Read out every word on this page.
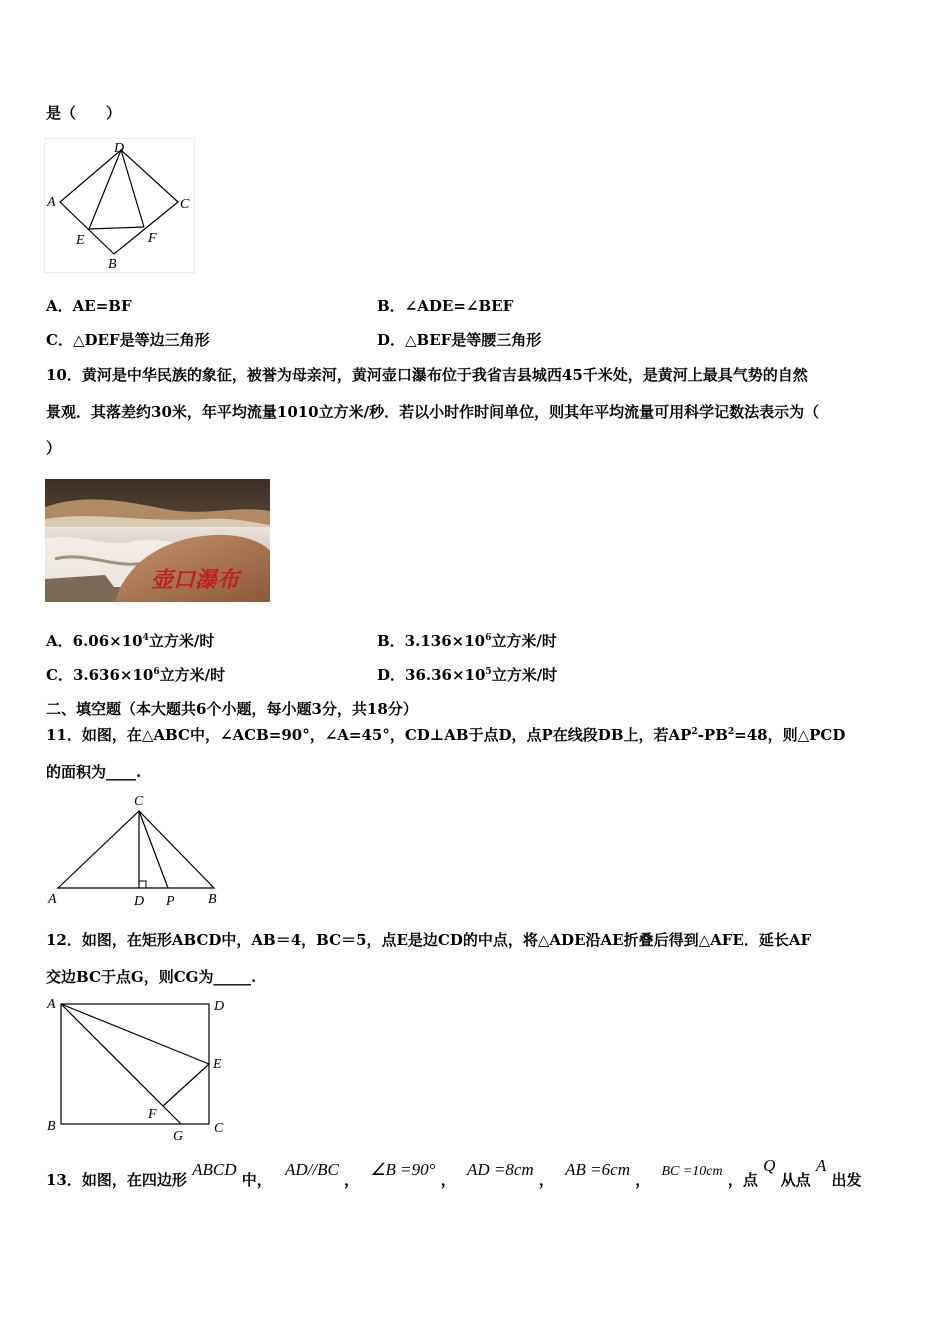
是（　　）
D
A	C
E	F
B
A．AE=BF	B．∠ADE=∠BEF
C．△DEF是等边三角形	D．△BEF是等腰三角形
10．黄河是中华民族的象征，被誉为母亲河，黄河壶口瀑布位于我省吉县城西45千米处，是黄河上最具气势的自然
景观．其落差约30米，年平均流量1010立方米/秒．若以小时作时间单位，则其年平均流量可用科学记数法表示为（
）
壶口瀑布
A．$6.06\times 10^4$立方米/时	B．$3.136\times 10^6$立方米/时
C．$3.636\times 10^6$立方米/时	D．$36.36\times 10^5$立方米/时
二、填空题（本大题共6个小题，每小题3分，共18分）
11．如图，在△ABC中，∠ACB=90°，∠A=45°，CD⊥AB于点D，点P在线段DB上，若$AP^2-PB^2=48$，则△PCD
的面积为____.
C
A	D P B
12．如图，在矩形ABCD中，AB＝4，BC＝5，点E是边CD的中点，将△ADE沿AE折叠后得到△AFE．延长AF
交边BC于点G，则CG为_____.
A	D
E
F
B
G
C
13．如图，在四边形 ABCD 中， AD//BC ， ∠B =90° ， AD =8cm ， AB =6cm ， BC =10cm ，点 Q 从点 A 出发
